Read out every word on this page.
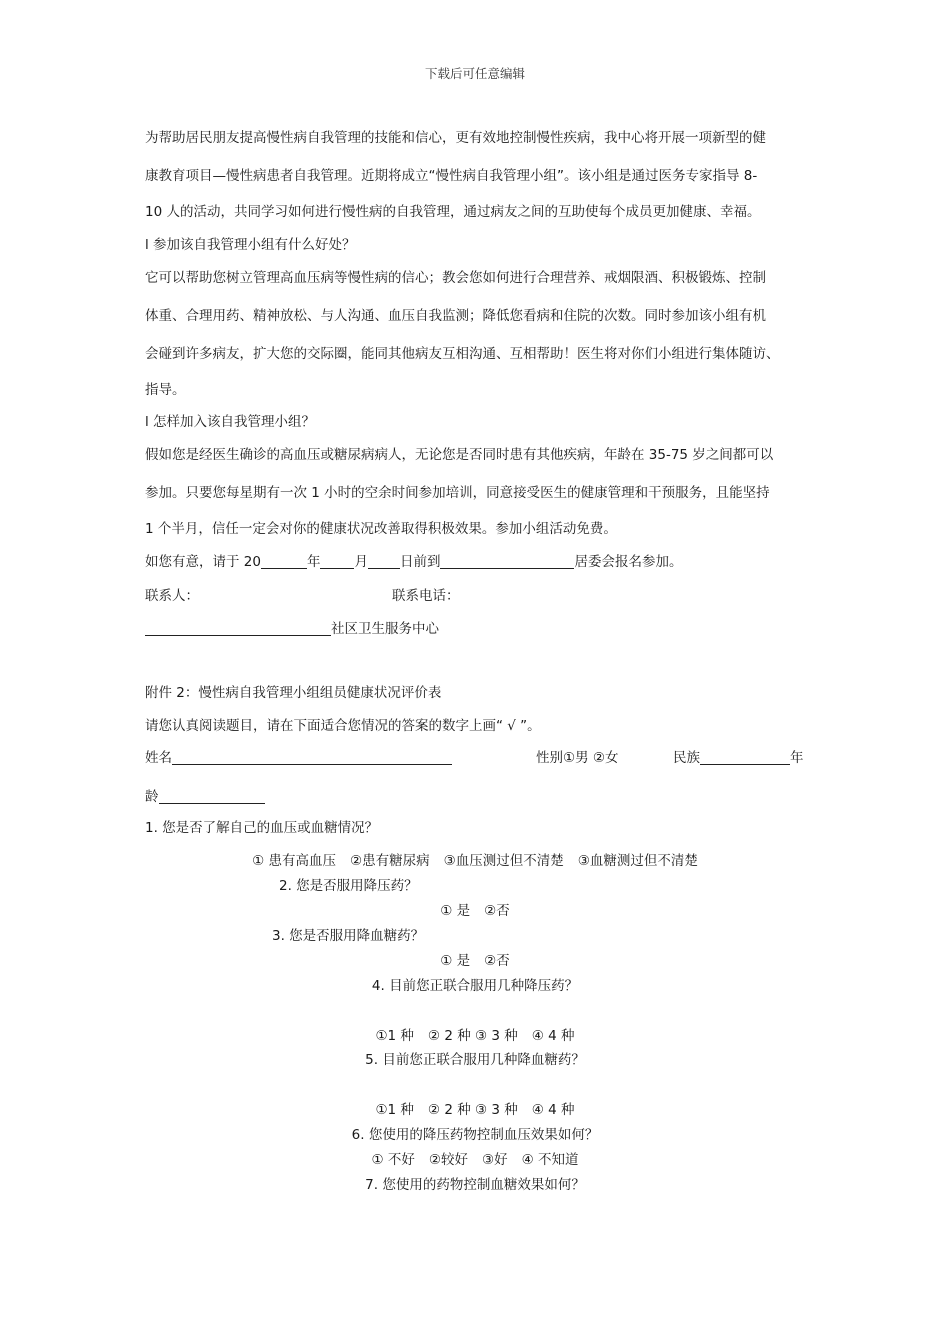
下载后可任意编辑
为帮助居民朋友提高慢性病自我管理的技能和信心，更有效地控制慢性疾病，我中心将开展一项新型的健
康教育项目—慢性病患者自我管理。近期将成立“慢性病自我管理小组”。该小组是通过医务专家指导 8-
10 人的活动，共同学习如何进行慢性病的自我管理，通过病友之间的互助使每个成员更加健康、幸福。
l 参加该自我管理小组有什么好处？
它可以帮助您树立管理高血压病等慢性病的信心；教会您如何进行合理营养、戒烟限酒、积极锻炼、控制
体重、合理用药、精神放松、与人沟通、血压自我监测；降低您看病和住院的次数。同时参加该小组有机
会碰到许多病友，扩大您的交际圈，能同其他病友互相沟通、互相帮助！医生将对你们小组进行集体随访、
指导。
l 怎样加入该自我管理小组？
假如您是经医生确诊的高血压或糖尿病病人，无论您是否同时患有其他疾病，年龄在 35-75 岁之间都可以
参加。只要您每星期有一次 1 小时的空余时间参加培训，同意接受医生的健康管理和干预服务，且能坚持
1 个半月，信任一定会对你的健康状况改善取得积极效果。参加小组活动免费。
如您有意，请于 20	年	月 日前到	居委会报名参加。
联系人：	联系电话：
社区卫生服务中心
附件 2：慢性病自我管理小组组员健康状况评价表
请您认真阅读题目，请在下面适合您情况的答案的数字上画“ √ ”。
姓名	性别①男 ②女	民族	年
龄
1. 您是否了解自己的血压或血糖情况？
① 患有高血压 ②患有糖尿病 ③血压测过但不清楚 ③血糖测过但不清楚
2. 您是否服用降压药？
① 是 ②否
3. 您是否服用降血糖药？
① 是 ②否
4. 目前您正联合服用几种降压药？
①1 种 ② 2 种 ③ 3 种 ④ 4 种
5. 目前您正联合服用几种降血糖药？
①1 种 ② 2 种 ③ 3 种 ④ 4 种
6. 您使用的降压药物控制血压效果如何？
① 不好 ②较好 ③好 ④ 不知道
7. 您使用的药物控制血糖效果如何？
